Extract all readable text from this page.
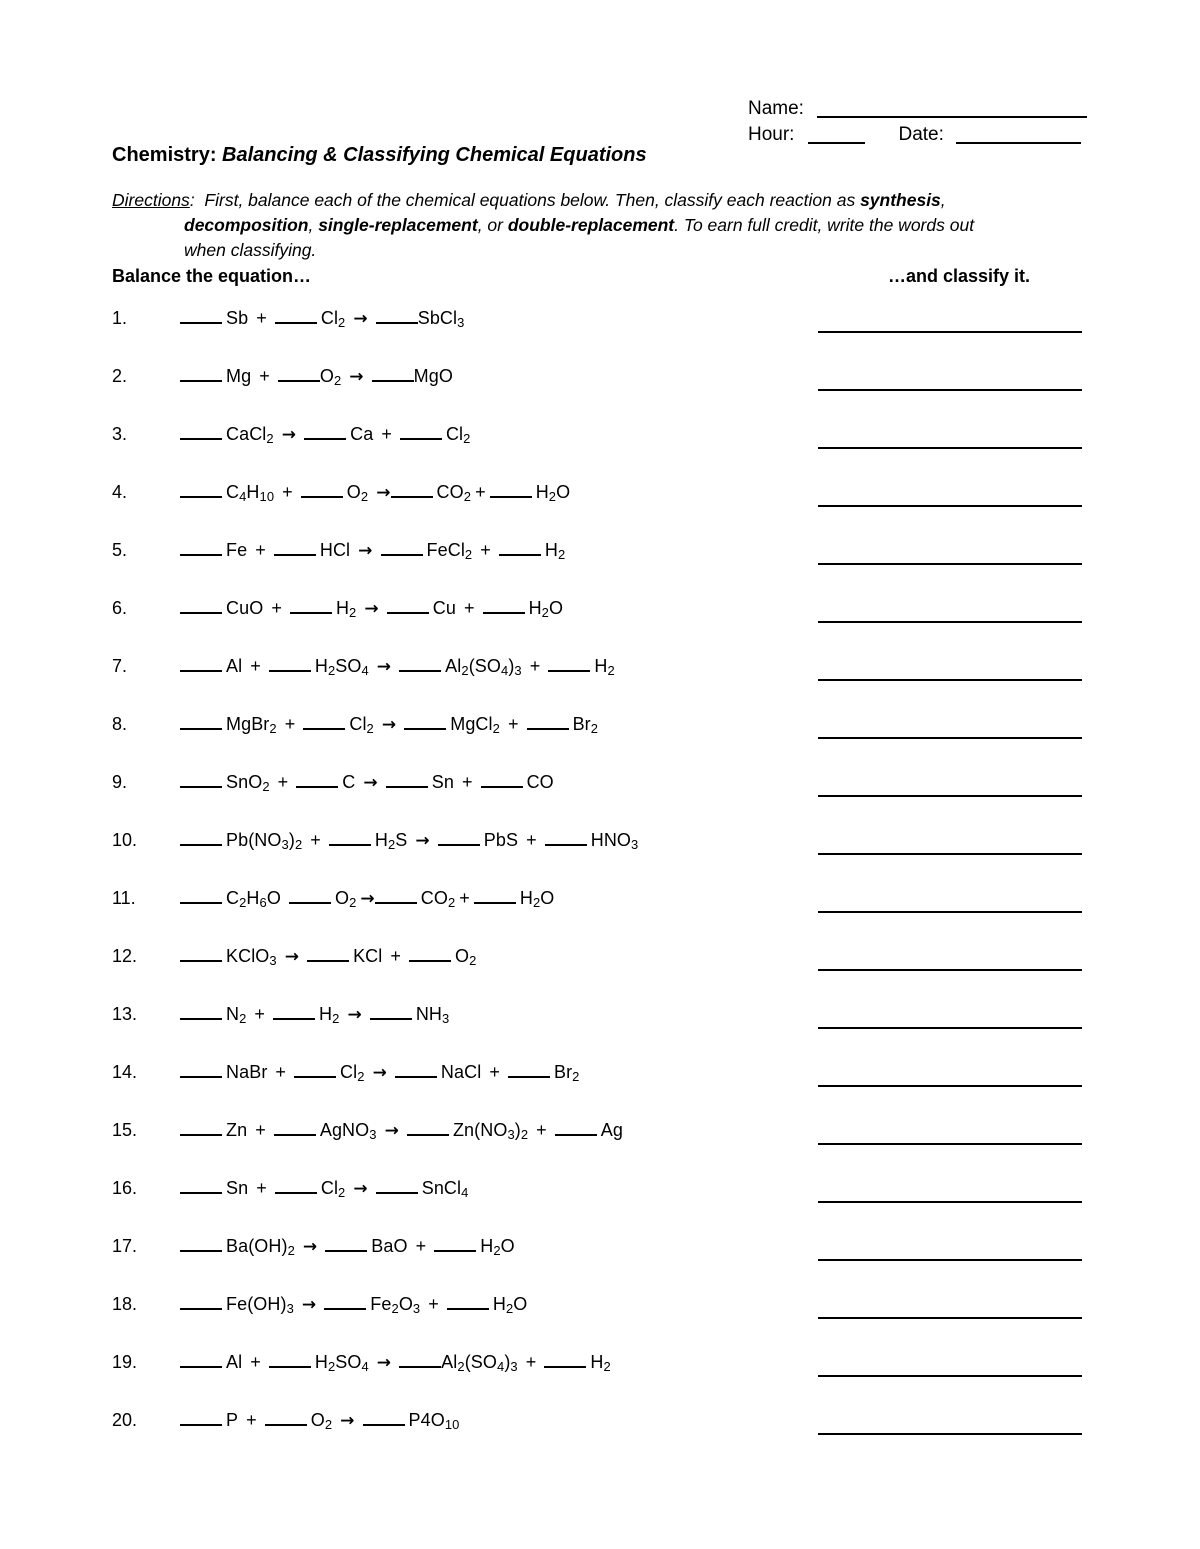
Name:
Hour:	Date:
Chemistry: Balancing & Classifying Chemical Equations
Directions: First, balance each of the chemical equations below. Then, classify each reaction as synthesis,
decomposition, single-replacement, or double-replacement. To earn full credit, write the words out
when classifying.
Balance the equation…	…and classify it.
1.	Sb +	$Cl_2$ →	SbCl$_3$
2.	Mg +	$O_2$ →	MgO
3.	CaCl$_2$ →	Ca +	$Cl_2$
4.	$C_4H_{10}$ +	$O_2$ →	$CO_2$ +	$H_2O$
5.	Fe +	HCl →	FeCl$_2$ +	$H_2$
6.	CuO +	$H_2$ →	Cu +	$H_2O$
7.	Al +	$H_2SO_4$ →	$Al_2(SO_4)_3$ +	$H_2$
8.	MgBr$_2$ +	$Cl_2$ →	MgCl$_2$ +	$Br_2$
9.	SnO$_2$ +	C →	Sn +	CO
10.	$Pb(NO_3)_2$ +	$H_2S$ →	PbS +	$HNO_3$
11.	$C_2H_6O$	$O_2$ →	$CO_2$ +	$H_2O$
12.	KClO$_3$ →	KCl +	$O_2$
13.	$N_2$ +	$H_2$ →	$NH_3$
14.	NaBr +	$Cl_2$ →	NaCl +	$Br_2$
15.	Zn +	AgNO$_3$ →	$Zn(NO_3)_2$ +	Ag
16.	Sn +	$Cl_2$ →	SnCl$_4$
17.	$Ba(OH)_2$ →	BaO +	$H_2O$
18.	$Fe(OH)_3$ →	$Fe_2O_3$ +	$H_2O$
19.	Al +	$H_2SO_4$ →	$Al_2(SO_4)_3$ +	$H_2$
20.	P +	$O_2$ →	$P4O_{10}$
